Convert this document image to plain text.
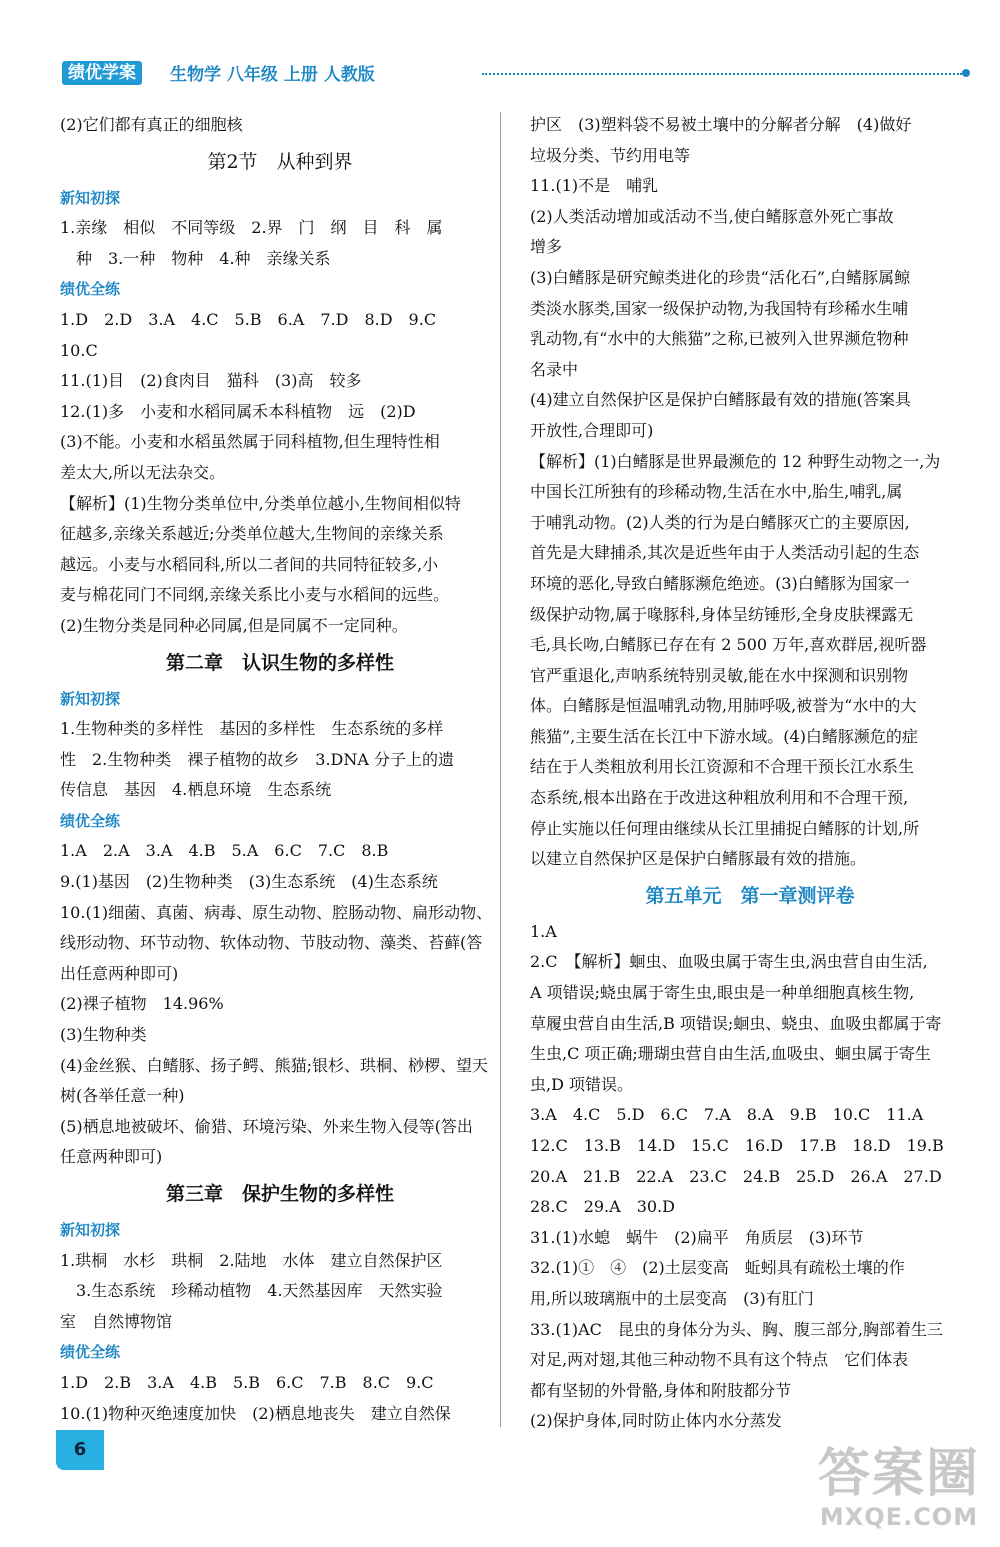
绩优学案	生物学 八年级 上册 人教版
(2)它们都有真正的细胞核
第2节　从种到界
新知初探
1.亲缘　相似　不同等级　2.界　门　纲　目　科　属
　种　3.一种　物种　4.种　亲缘关系
绩优全练
1.D　2.D　3.A　4.C　5.B　6.A　7.D　8.D　9.C
10.C
11.(1)目　(2)食肉目　猫科　(3)高　较多
12.(1)多　小麦和水稻同属禾本科植物　远　(2)D
(3)不能。小麦和水稻虽然属于同科植物,但生理特性相
差太大,所以无法杂交。
【解析】(1)生物分类单位中,分类单位越小,生物间相似特
征越多,亲缘关系越近;分类单位越大,生物间的亲缘关系
越远。小麦与水稻同科,所以二者间的共同特征较多,小
麦与棉花同门不同纲,亲缘关系比小麦与水稻间的远些。
(2)生物分类是同种必同属,但是同属不一定同种。
第二章　认识生物的多样性
新知初探
1.生物种类的多样性　基因的多样性　生态系统的多样
性　2.生物种类　裸子植物的故乡　3.DNA 分子上的遗
传信息　基因　4.栖息环境　生态系统
绩优全练
1.A　2.A　3.A　4.B　5.A　6.C　7.C　8.B
9.(1)基因　(2)生物种类　(3)生态系统　(4)生态系统
10.(1)细菌、真菌、病毒、原生动物、腔肠动物、扁形动物、
线形动物、环节动物、软体动物、节肢动物、藻类、苔藓(答
出任意两种即可)
(2)裸子植物　14.96%
(3)生物种类
(4)金丝猴、白鳍豚、扬子鳄、熊猫;银杉、珙桐、桫椤、望天
树(各举任意一种)
(5)栖息地被破坏、偷猎、环境污染、外来生物入侵等(答出
任意两种即可)
第三章　保护生物的多样性
新知初探
1.珙桐　水杉　珙桐　2.陆地　水体　建立自然保护区
　3.生态系统　珍稀动植物　4.天然基因库　天然实验
室　自然博物馆
绩优全练
1.D　2.B　3.A　4.B　5.B　6.C　7.B　8.C　9.C
10.(1)物种灭绝速度加快　(2)栖息地丧失　建立自然保
护区　(3)塑料袋不易被土壤中的分解者分解　(4)做好
垃圾分类、节约用电等
11.(1)不是　哺乳
(2)人类活动增加或活动不当,使白鳍豚意外死亡事故
增多
(3)白鳍豚是研究鲸类进化的珍贵“活化石”,白鳍豚属鲸
类淡水豚类,国家一级保护动物,为我国特有珍稀水生哺
乳动物,有“水中的大熊猫”之称,已被列入世界濒危物种
名录中
(4)建立自然保护区是保护白鳍豚最有效的措施(答案具
开放性,合理即可)
【解析】(1)白鳍豚是世界最濒危的 12 种野生动物之一,为
中国长江所独有的珍稀动物,生活在水中,胎生,哺乳,属
于哺乳动物。(2)人类的行为是白鳍豚灭亡的主要原因,
首先是大肆捕杀,其次是近些年由于人类活动引起的生态
环境的恶化,导致白鳍豚濒危绝迹。(3)白鳍豚为国家一
级保护动物,属于喙豚科,身体呈纺锤形,全身皮肤裸露无
毛,具长吻,白鳍豚已存在有 2 500 万年,喜欢群居,视听器
官严重退化,声呐系统特别灵敏,能在水中探测和识别物
体。白鳍豚是恒温哺乳动物,用肺呼吸,被誉为“水中的大
熊猫”,主要生活在长江中下游水域。(4)白鳍豚濒危的症
结在于人类粗放利用长江资源和不合理干预长江水系生
态系统,根本出路在于改进这种粗放利用和不合理干预,
停止实施以任何理由继续从长江里捕捉白鳍豚的计划,所
以建立自然保护区是保护白鳍豚最有效的措施。
第五单元　第一章测评卷
1.A
2.C　【解析】蛔虫、血吸虫属于寄生虫,涡虫营自由生活,
A 项错误;蛲虫属于寄生虫,眼虫是一种单细胞真核生物,
草履虫营自由生活,B 项错误;蛔虫、蛲虫、血吸虫都属于寄
生虫,C 项正确;珊瑚虫营自由生活,血吸虫、蛔虫属于寄生
虫,D 项错误。
3.A　4.C　5.D　6.C　7.A　8.A　9.B　10.C　11.A
12.C　13.B　14.D　15.C　16.D　17.B　18.D　19.B
20.A　21.B　22.A　23.C　24.B　25.D　26.A　27.D
28.C　29.A　30.D
31.(1)水螅　蜗牛　(2)扁平　角质层　(3)环节
32.(1)①　④　(2)土层变高　蚯蚓具有疏松土壤的作
用,所以玻璃瓶中的土层变高　(3)有肛门
33.(1)AC　昆虫的身体分为头、胸、腹三部分,胸部着生三
对足,两对翅,其他三种动物不具有这个特点　它们体表
都有坚韧的外骨骼,身体和附肢都分节
(2)保护身体,同时防止体内水分蒸发
6	答案圈
MXQE.COM
